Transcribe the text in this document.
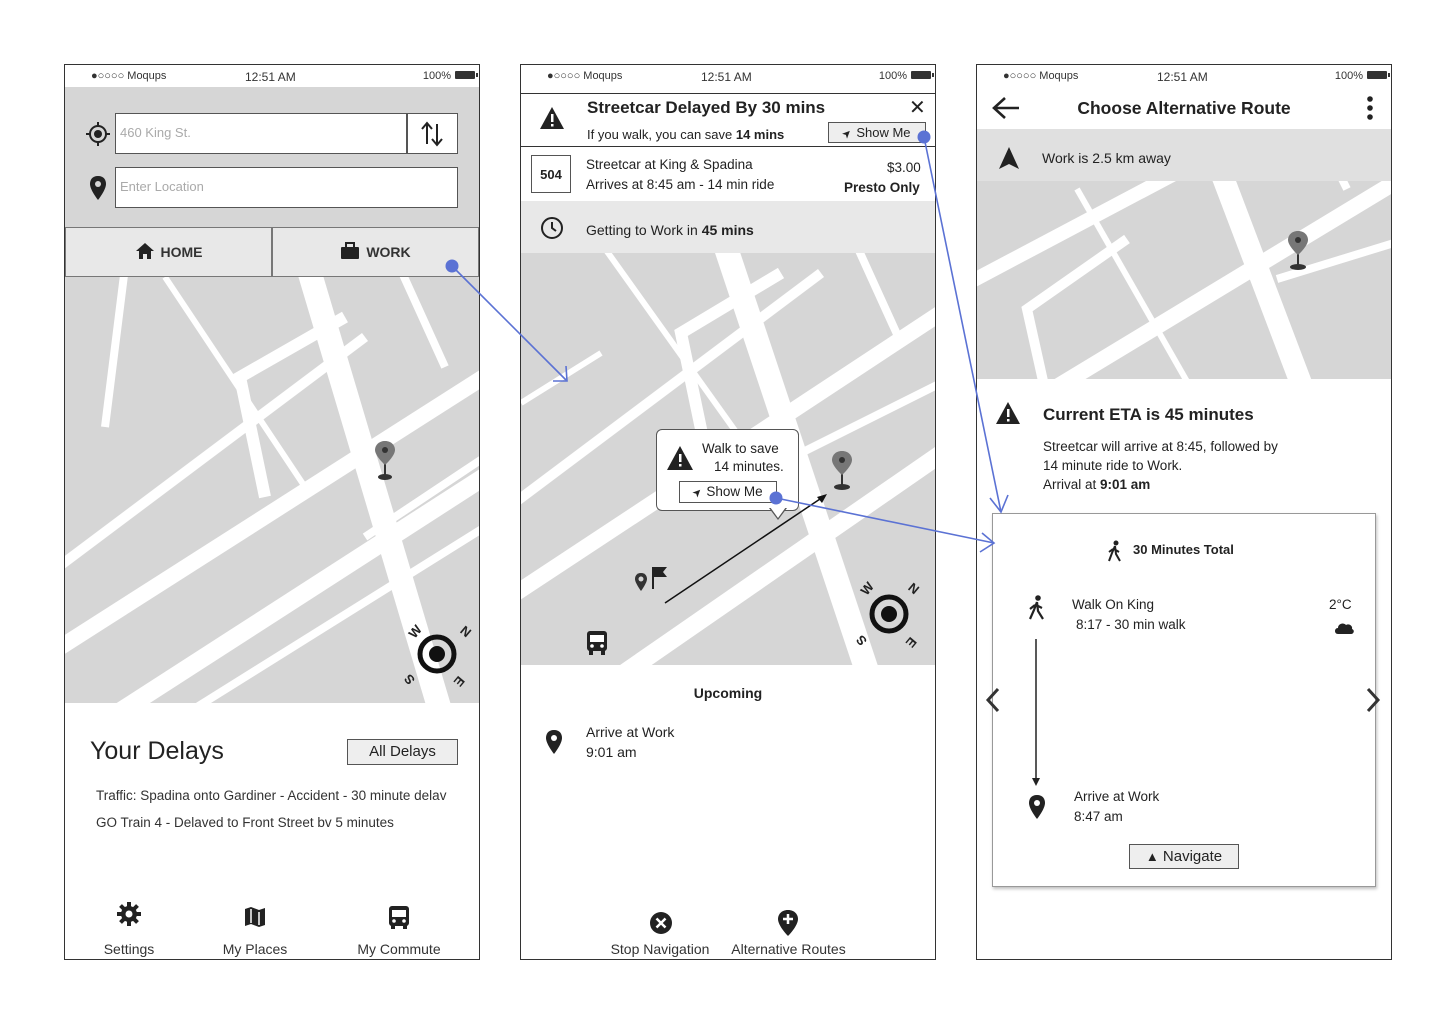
●○○○○ Moqups	12:51 AM	100%
460 King St.
Enter Location
HOME	WORK
N
W
S	E
Your Delays	All Delays
Traffic: Spadina onto Gardiner - Accident - 30 minute delav
GO Train 4 - Delaved to Front Street bv 5 minutes
Settings	My Places	My Commute
●○○○○ Moqups	12:51 AM	100%
Streetcar Delayed By 30 mins
If you walk, you can save 14 mins
✕
➤ Show Me
504
Streetcar at King & Spadina
Arrives at 8:45 am - 14 min ride
$3.00
Presto Only
Getting to Work in 45 mins
N
W
S	E
Walk to save
14 minutes.
➤ Show Me
Upcoming
Arrive at Work
9:01 am
Stop Navigation	Alternative Routes
●○○○○ Moqups	12:51 AM	100%
Choose Alternative Route
Work is 2.5 km away
Current ETA is 45 minutes
Streetcar will arrive at 8:45, followed by
14 minute ride to Work.
Arrival at 9:01 am
30 Minutes Total
Walk On King
8:17 - 30 min walk
2°C
Arrive at Work
8:47 am
▲ Navigate
